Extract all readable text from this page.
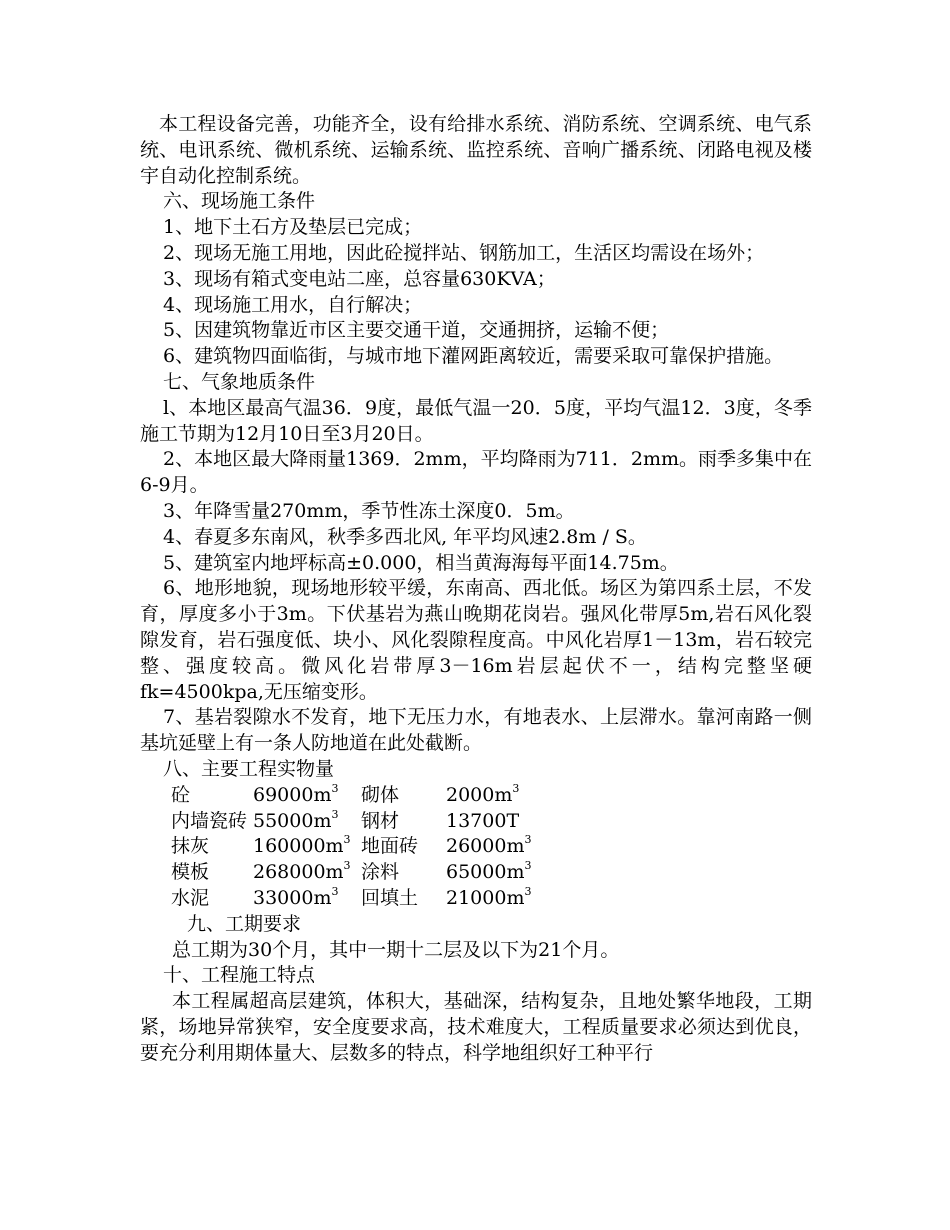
本工程设备完善，功能齐全，设有给排水系统、消防系统、空调系统、电气系统、电讯系统、微机系统、运输系统、监控系统、音响广播系统、闭路电视及楼宇自动化控制系统。

六、现场施工条件

1、地下土石方及垫层已完成；

2、现场无施工用地，因此砼搅拌站、钢筋加工，生活区均需设在场外；

3、现场有箱式变电站二座，总容量630KVA；

4、现场施工用水，自行解决；

5、因建筑物靠近市区主要交通干道，交通拥挤，运输不便；

6、建筑物四面临街，与城市地下灌网距离较近，需要采取可靠保护措施。

七、气象地质条件

l、本地区最高气温36．9度，最低气温一20．5度，平均气温12．3度，冬季施工节期为12月10日至3月20日。

2、本地区最大降雨量1369．2mm，平均降雨为711．2mm。雨季多集中在6-9月。

3、年降雪量270mm，季节性冻土深度0．5m。

4、春夏多东南风，秋季多西北风, 年平均风速2.8m / S。

5、建筑室内地坪标高±0.000，相当黄海海每平面14.75m。

6、地形地貌，现场地形较平缓，东南高、西北低。场区为第四系土层，不发育，厚度多小于3m。下伏基岩为燕山晚期花岗岩。强风化带厚5m,岩石风化裂隙发育，岩石强度低、块小、风化裂隙程度高。中风化岩厚1－13m，岩石较完整、强度较高。微风化岩带厚3－16m岩层起伏不一，结构完整坚硬fk=4500kpa,无压缩变形。

7、基岩裂隙水不发育，地下无压力水，有地表水、上层滞水。靠河南路一侧基坑延壁上有一条人防地道在此处截断。

八、主要工程实物量

砼	$69000m^3$	砌体	$2000m^3$
内墙瓷砖	$55000m^3$	钢材	13700T
抹灰	$160000m^3$	地面砖	$26000m^3$
模板	$268000m^3$	涂料	$65000m^3$
水泥	$33000m^3$	回填土	$21000m^3$

九、工期要求

总工期为30个月，其中一期十二层及以下为21个月。

十、工程施工特点

本工程属超高层建筑，体积大，基础深，结构复杂，且地处繁华地段，工期紧，场地异常狭窄，安全度要求高，技术难度大，工程质量要求必须达到优良，要充分利用期体量大、层数多的特点，科学地组织好工种平行
